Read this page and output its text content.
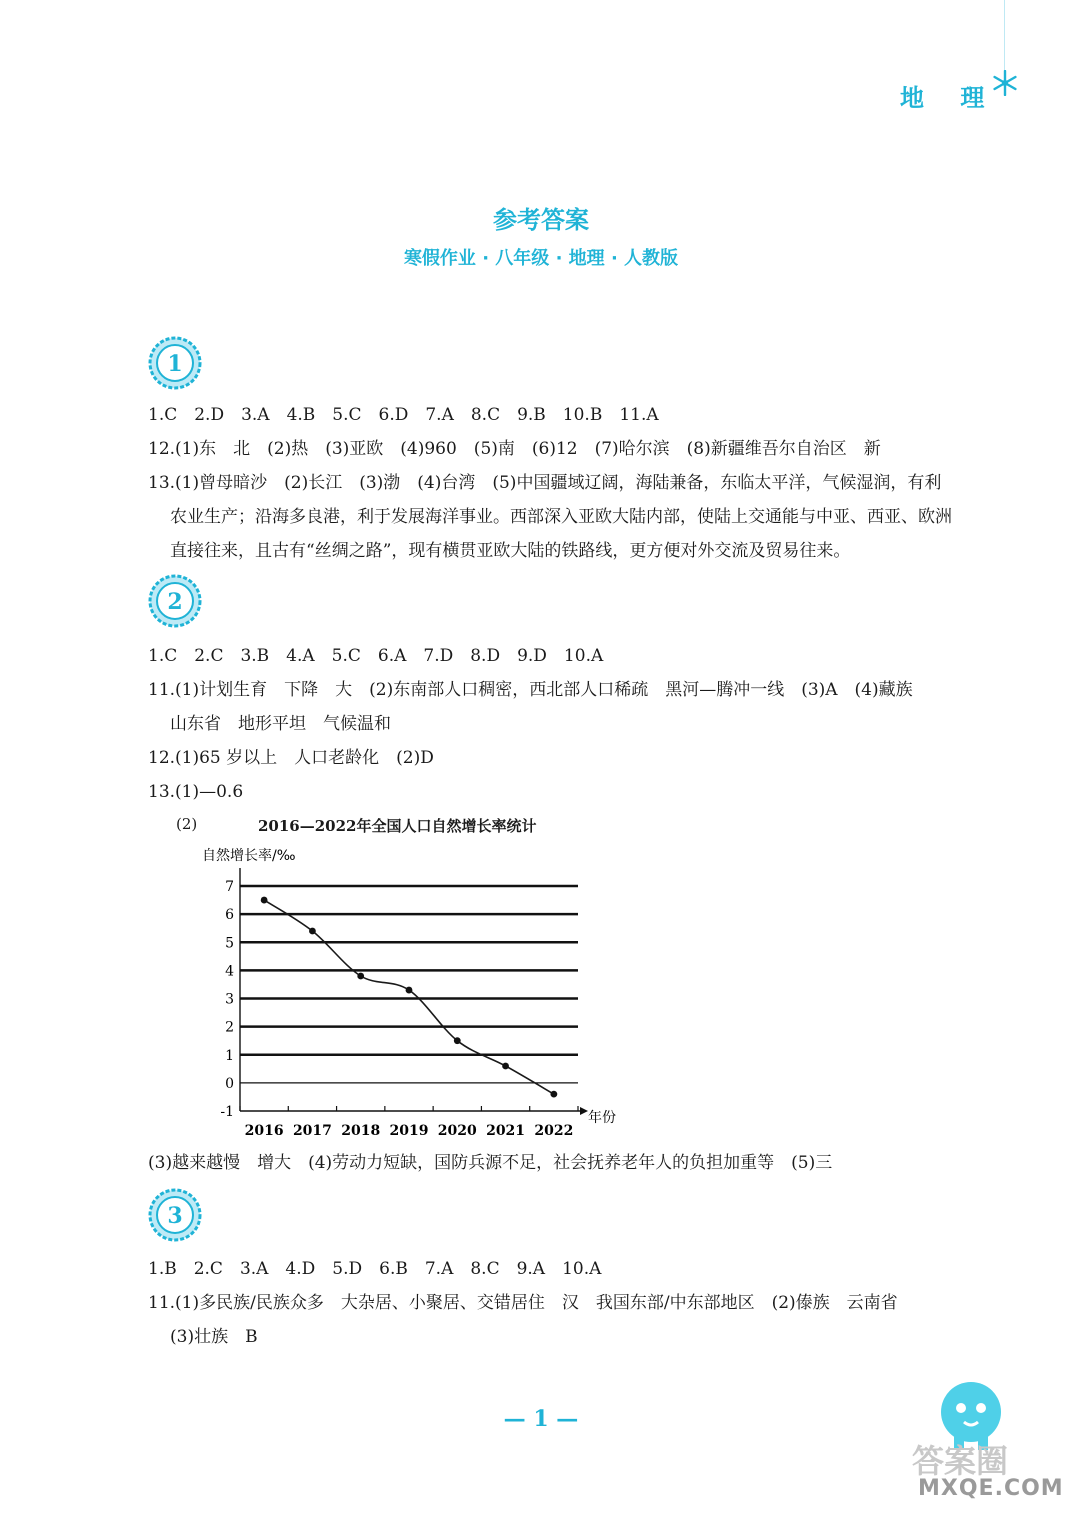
地 理
参考答案
寒假作业 · 八年级 · 地理 · 人教版
1
1.C　2.D　3.A　4.B　5.C　6.D　7.A　8.C　9.B　10.B　11.A
12.(1)东　北　(2)热　(3)亚欧　(4)960　(5)南　(6)12　(7)哈尔滨　(8)新疆维吾尔自治区　新
13.(1)曾母暗沙　(2)长江　(3)渤　(4)台湾　(5)中国疆域辽阔，海陆兼备，东临太平洋，气候湿润，有利
农业生产；沿海多良港，利于发展海洋事业。西部深入亚欧大陆内部，使陆上交通能与中亚、西亚、欧洲
直接往来，且古有“丝绸之路”，现有横贯亚欧大陆的铁路线，更方便对外交流及贸易往来。
2
1.C　2.C　3.B　4.A　5.C　6.A　7.D　8.D　9.D　10.A
11.(1)计划生育　下降　大　(2)东南部人口稠密，西北部人口稀疏　黑河—腾冲一线　(3)A　(4)藏族
山东省　地形平坦　气候温和
12.(1)65 岁以上　人口老龄化　(2)D
13.(1)—0.6
(2)	2016—2022年全国人口自然增长率统计
-1
0
1
2
3
4
5
6
7
2016 2017 2018 2019 2020 2021 2022
自然增长率/‰
年份
(3)越来越慢　增大　(4)劳动力短缺，国防兵源不足，社会抚养老年人的负担加重等　(5)三
3
1.B　2.C　3.A　4.D　5.D　6.B　7.A　8.C　9.A　10.A
11.(1)多民族/民族众多　大杂居、小聚居、交错居住　汉　我国东部/中东部地区　(2)傣族　云南省
(3)壮族　B
— 1 —
答案圈
MXQE.COM
